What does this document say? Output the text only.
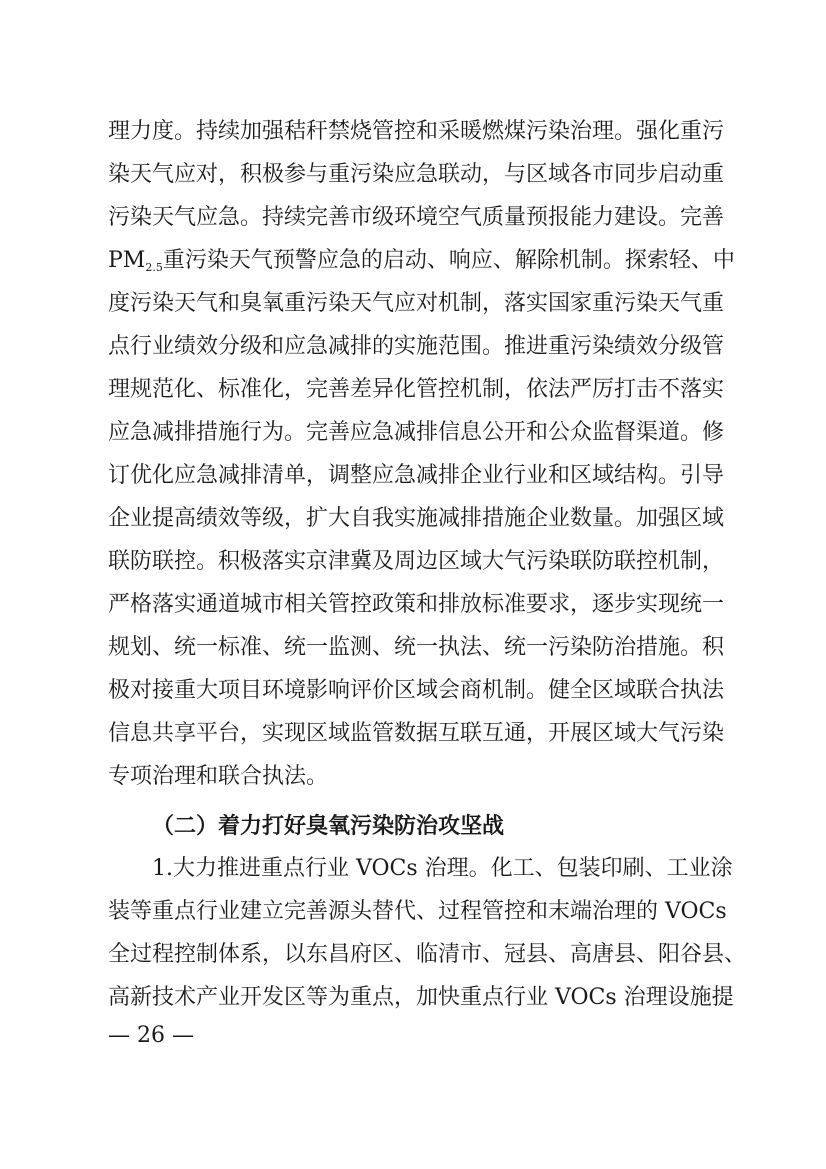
理力度。持续加强秸秆禁烧管控和采暖燃煤污染治理。强化重污
染天气应对，积极参与重污染应急联动，与区域各市同步启动重
污染天气应急。持续完善市级环境空气质量预报能力建设。完善
$PM_{2.5}$重污染天气预警应急的启动、响应、解除机制。探索轻、中
度污染天气和臭氧重污染天气应对机制，落实国家重污染天气重
点行业绩效分级和应急减排的实施范围。推进重污染绩效分级管
理规范化、标准化，完善差异化管控机制，依法严厉打击不落实
应急减排措施行为。完善应急减排信息公开和公众监督渠道。修
订优化应急减排清单，调整应急减排企业行业和区域结构。引导
企业提高绩效等级，扩大自我实施减排措施企业数量。加强区域
联防联控。积极落实京津冀及周边区域大气污染联防联控机制，
严格落实通道城市相关管控政策和排放标准要求，逐步实现统一
规划、统一标准、统一监测、统一执法、统一污染防治措施。积
极对接重大项目环境影响评价区域会商机制。健全区域联合执法
信息共享平台，实现区域监管数据互联互通，开展区域大气污染
专项治理和联合执法。
（二）着力打好臭氧污染防治攻坚战
1.大力推进重点行业 VOCs 治理。化工、包装印刷、工业涂
装等重点行业建立完善源头替代、过程管控和末端治理的 VOCs
全过程控制体系，以东昌府区、临清市、冠县、高唐县、阳谷县、
高新技术产业开发区等为重点，加快重点行业 VOCs 治理设施提
— 26 —
